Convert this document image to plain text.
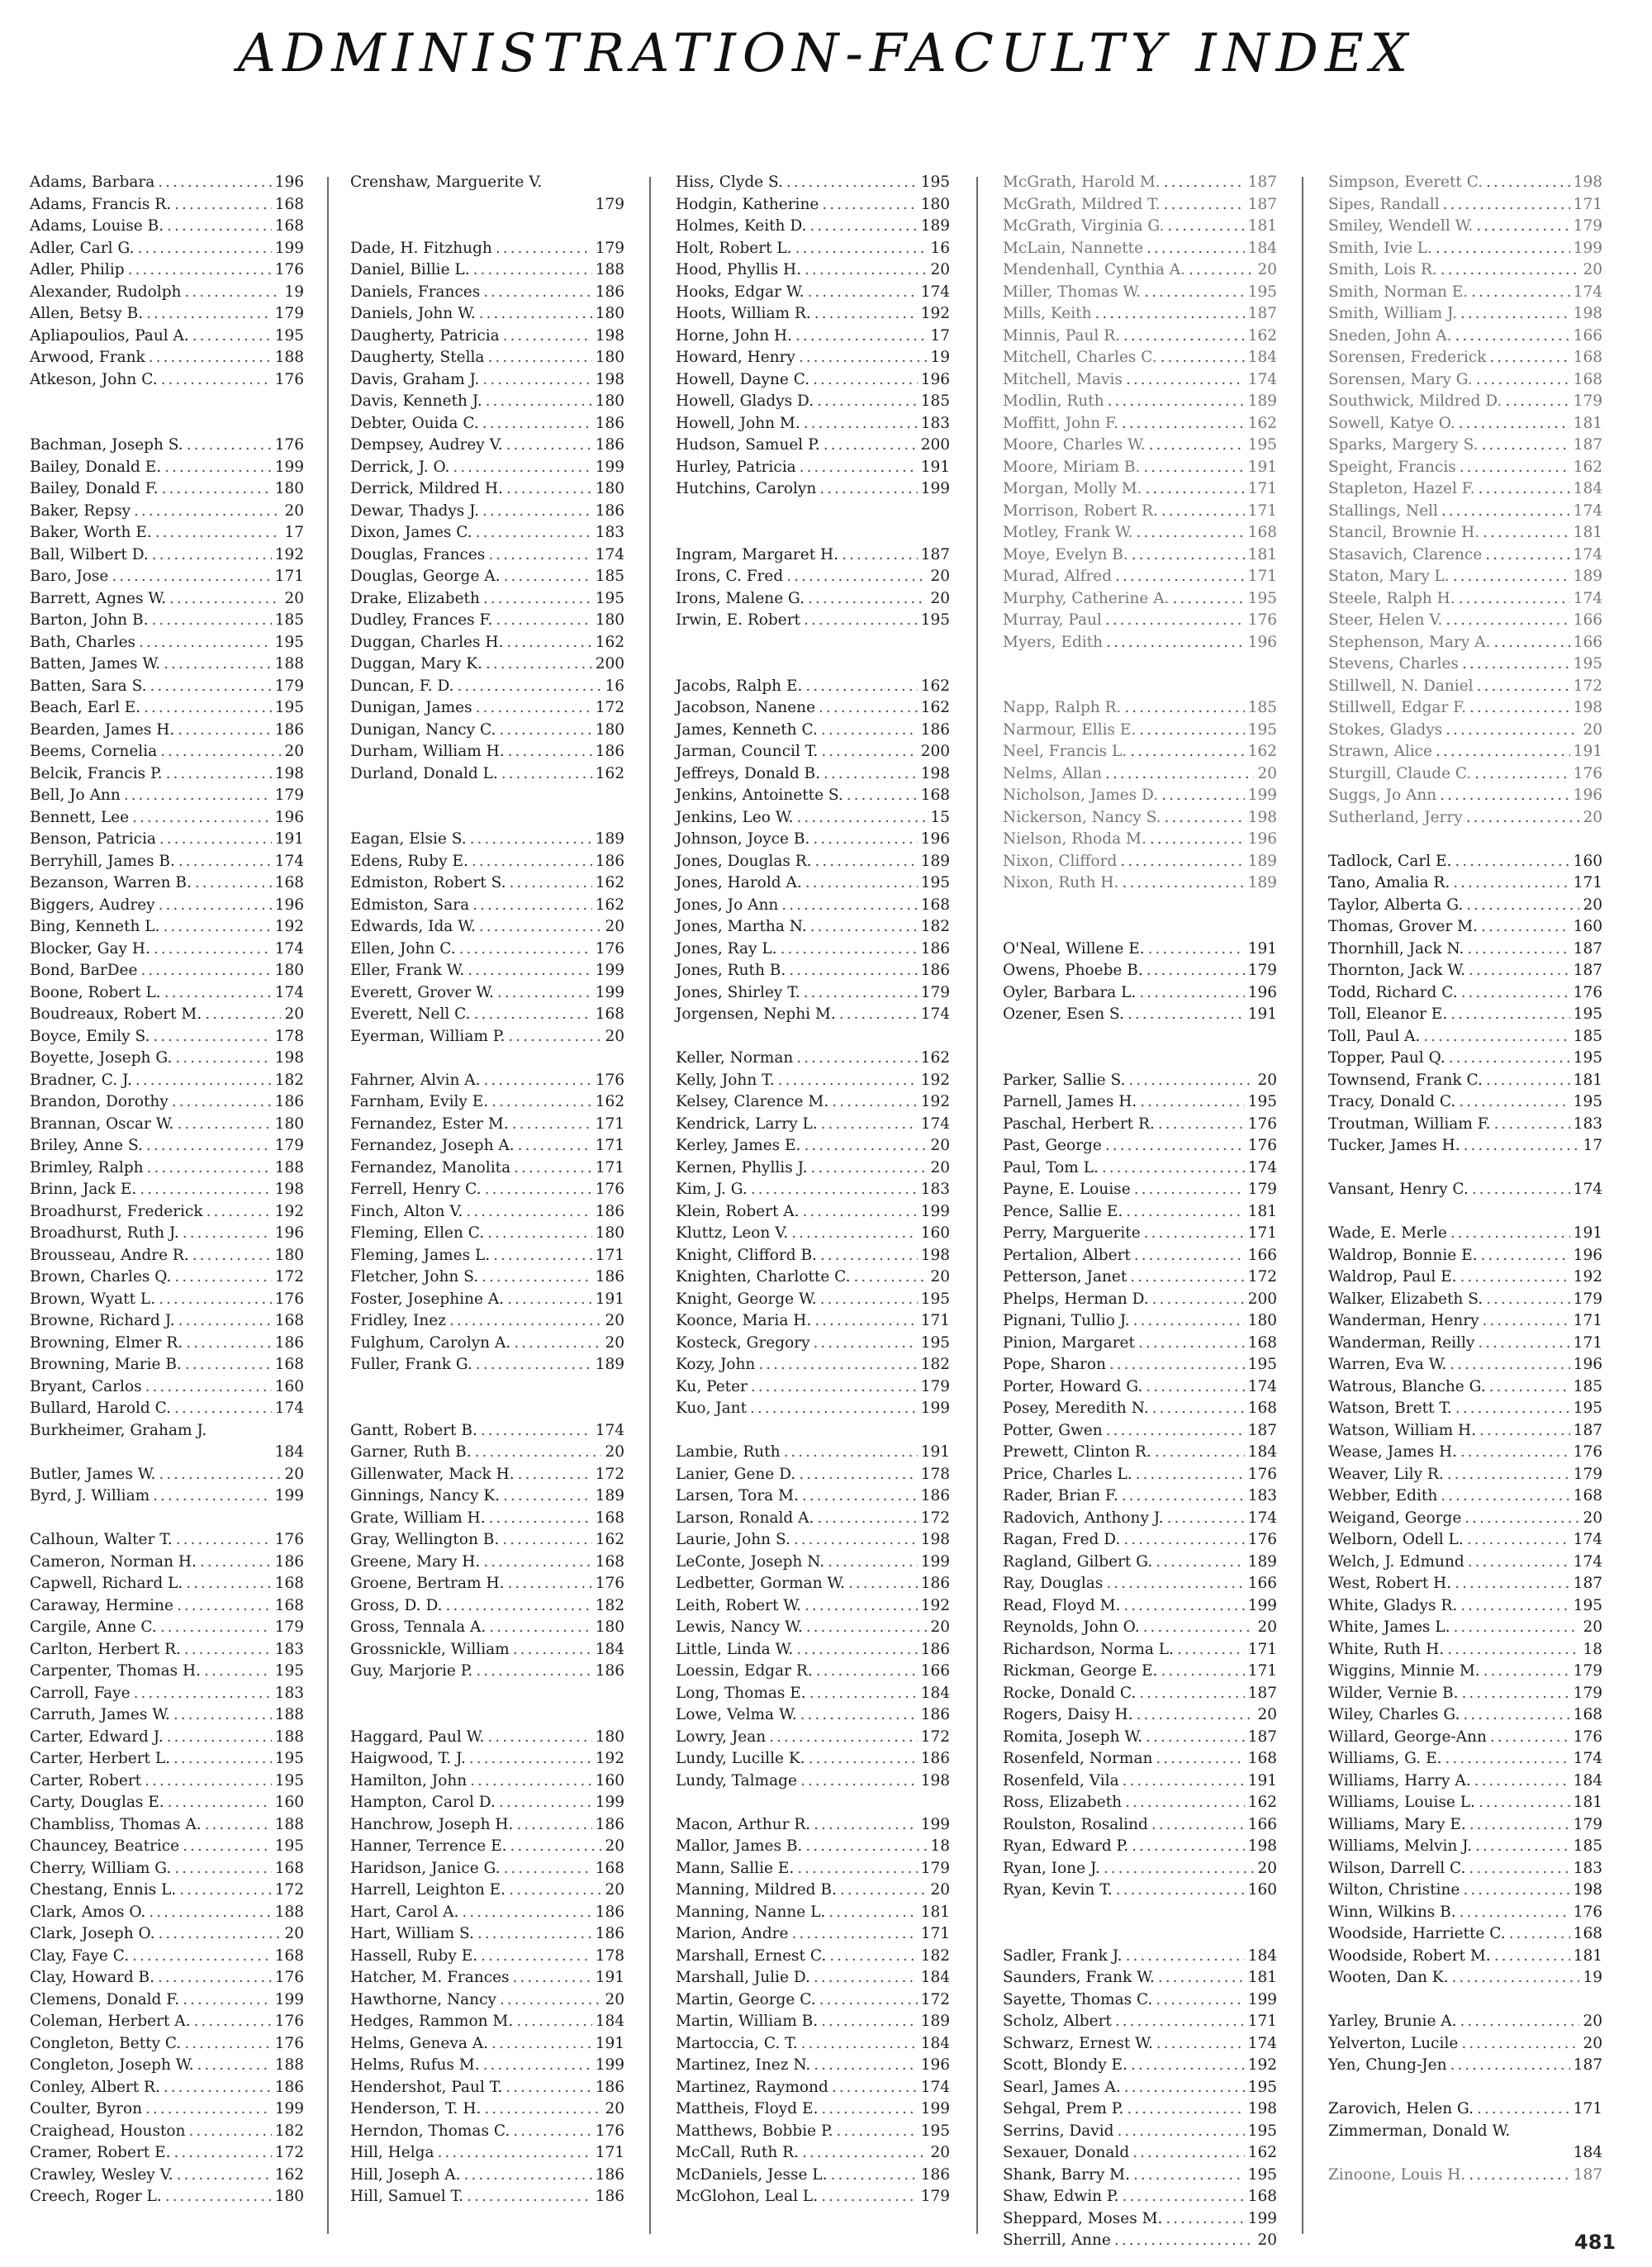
ADMINISTRATION-FACULTY INDEX
Adams, Barbara .....	196
Adams, Francis R. .....	168
Adams, Louise B. .....	168
Adler, Carl G. .....	199
Adler, Philip .....	176
Alexander, Rudolph .....	19
Allen, Betsy B. .....	179
Apliapoulios, Paul A. .....	195
Arwood, Frank .....	188
Atkeson, John C. .....	176
Bachman, Joseph S. .....	176
Bailey, Donald E. .....	199
Bailey, Donald F. .....	180
Baker, Repsy .....	20
Baker, Worth E. .....	17
Ball, Wilbert D. .....	192
Baro, Jose .....	171
Barrett, Agnes W. .....	20
Barton, John B. .....	185
Bath, Charles .....	195
Batten, James W. .....	188
Batten, Sara S. .....	179
Beach, Earl E. .....	195
Bearden, James H. .....	186
Beems, Cornelia .....	20
Belcik, Francis P. .....	198
Bell, Jo Ann .....	179
Bennett, Lee .....	196
Benson, Patricia .....	191
Berryhill, James B. .....	174
Bezanson, Warren B. .....	168
Biggers, Audrey .....	196
Bing, Kenneth L. .....	192
Blocker, Gay H. .....	174
Bond, BarDee .....	180
Boone, Robert L. .....	174
Boudreaux, Robert M. .....	20
Boyce, Emily S. .....	178
Boyette, Joseph G. .....	198
Bradner, C. J. .....	182
Brandon, Dorothy .....	186
Brannan, Oscar W. .....	180
Briley, Anne S. .....	179
Brimley, Ralph .....	188
Brinn, Jack E. .....	198
Broadhurst, Frederick .....	192
Broadhurst, Ruth J. .....	196
Brousseau, Andre R. .....	180
Brown, Charles Q. .....	172
Brown, Wyatt L. .....	176
Browne, Richard J. .....	168
Browning, Elmer R. .....	186
Browning, Marie B. .....	168
Bryant, Carlos .....	160
Bullard, Harold C. .....	174
Burkheimer, Graham J.
184
Butler, James W. .....	20
Byrd, J. William .....	199
Calhoun, Walter T. .....	176
Cameron, Norman H. .....	186
Capwell, Richard L. .....	168
Caraway, Hermine .....	168
Cargile, Anne C. .....	179
Carlton, Herbert R. .....	183
Carpenter, Thomas H. .....	195
Carroll, Faye .....	183
Carruth, James W. .....	188
Carter, Edward J. .....	188
Carter, Herbert L. .....	195
Carter, Robert .....	195
Carty, Douglas E. .....	160
Chambliss, Thomas A. .....	188
Chauncey, Beatrice .....	195
Cherry, William G. .....	168
Chestang, Ennis L. .....	172
Clark, Amos O. .....	188
Clark, Joseph O. .....	20
Clay, Faye C. .....	168
Clay, Howard B. .....	176
Clemens, Donald F. .....	199
Coleman, Herbert A. .....	176
Congleton, Betty C. .....	176
Congleton, Joseph W. .....	188
Conley, Albert R. .....	186
Coulter, Byron .....	199
Craighead, Houston .....	182
Cramer, Robert E. .....	172
Crawley, Wesley V. .....	162
Creech, Roger L. .....	180
Crenshaw, Marguerite V.
179
Dade, H. Fitzhugh .....	179
Daniel, Billie L. .....	188
Daniels, Frances .....	186
Daniels, John W. .....	180
Daugherty, Patricia .....	198
Daugherty, Stella .....	180
Davis, Graham J. .....	198
Davis, Kenneth J. .....	180
Debter, Ouida C. .....	186
Dempsey, Audrey V. .....	186
Derrick, J. O. .....	199
Derrick, Mildred H. .....	180
Dewar, Thadys J. .....	186
Dixon, James C. .....	183
Douglas, Frances .....	174
Douglas, George A. .....	185
Drake, Elizabeth .....	195
Dudley, Frances F. .....	180
Duggan, Charles H. .....	162
Duggan, Mary K. .....	200
Duncan, F. D. .....	16
Dunigan, James .....	172
Dunigan, Nancy C. .....	180
Durham, William H. .....	186
Durland, Donald L. .....	162
Eagan, Elsie S. .....	189
Edens, Ruby E. .....	186
Edmiston, Robert S. .....	162
Edmiston, Sara .....	162
Edwards, Ida W. .....	20
Ellen, John C. .....	176
Eller, Frank W. .....	199
Everett, Grover W. .....	199
Everett, Nell C. .....	168
Eyerman, William P. .....	20
Fahrner, Alvin A. .....	176
Farnham, Evily E. .....	162
Fernandez, Ester M. .....	171
Fernandez, Joseph A. .....	171
Fernandez, Manolita .....	171
Ferrell, Henry C. .....	176
Finch, Alton V. .....	186
Fleming, Ellen C. .....	180
Fleming, James L. .....	171
Fletcher, John S. .....	186
Foster, Josephine A. .....	191
Fridley, Inez .....	20
Fulghum, Carolyn A. .....	20
Fuller, Frank G. .....	189
Gantt, Robert B. .....	174
Garner, Ruth B. .....	20
Gillenwater, Mack H. .....	172
Ginnings, Nancy K. .....	189
Grate, William H. .....	168
Gray, Wellington B. .....	162
Greene, Mary H. .....	168
Groene, Bertram H. .....	176
Gross, D. D. .....	182
Gross, Tennala A. .....	180
Grossnickle, William .....	184
Guy, Marjorie P. .....	186
Haggard, Paul W. .....	180
Haigwood, T. J. .....	192
Hamilton, John .....	160
Hampton, Carol D. .....	199
Hanchrow, Joseph H. .....	186
Hanner, Terrence E. .....	20
Haridson, Janice G. .....	168
Harrell, Leighton E. .....	20
Hart, Carol A. .....	186
Hart, William S. .....	186
Hassell, Ruby E. .....	178
Hatcher, M. Frances .....	191
Hawthorne, Nancy .....	20
Hedges, Rammon M. .....	184
Helms, Geneva A. .....	191
Helms, Rufus M. .....	199
Hendershot, Paul T. .....	186
Henderson, T. H. .....	20
Herndon, Thomas C. .....	176
Hill, Helga .....	171
Hill, Joseph A. .....	186
Hill, Samuel T. .....	186
Hiss, Clyde S. .....	195
Hodgin, Katherine .....	180
Holmes, Keith D. .....	189
Holt, Robert L. .....	16
Hood, Phyllis H. .....	20
Hooks, Edgar W. .....	174
Hoots, William R. .....	192
Horne, John H. .....	17
Howard, Henry .....	19
Howell, Dayne C. .....	196
Howell, Gladys D. .....	185
Howell, John M. .....	183
Hudson, Samuel P. .....	200
Hurley, Patricia .....	191
Hutchins, Carolyn .....	199
Ingram, Margaret H. .....	187
Irons, C. Fred .....	20
Irons, Malene G. .....	20
Irwin, E. Robert .....	195
Jacobs, Ralph E. .....	162
Jacobson, Nanene .....	162
James, Kenneth C. .....	186
Jarman, Council T. .....	200
Jeffreys, Donald B. .....	198
Jenkins, Antoinette S. .....	168
Jenkins, Leo W. .....	15
Johnson, Joyce B. .....	196
Jones, Douglas R. .....	189
Jones, Harold A. .....	195
Jones, Jo Ann .....	168
Jones, Martha N. .....	182
Jones, Ray L. .....	186
Jones, Ruth B. .....	186
Jones, Shirley T. .....	179
Jorgensen, Nephi M. .....	174
Keller, Norman .....	162
Kelly, John T. .....	192
Kelsey, Clarence M. .....	192
Kendrick, Larry L. .....	174
Kerley, James E. .....	20
Kernen, Phyllis J. .....	20
Kim, J. G. .....	183
Klein, Robert A. .....	199
Kluttz, Leon V. .....	160
Knight, Clifford B. .....	198
Knighten, Charlotte C. .....	20
Knight, George W. .....	195
Koonce, Maria H. .....	171
Kosteck, Gregory .....	195
Kozy, John .....	182
Ku, Peter .....	179
Kuo, Jant .....	199
Lambie, Ruth .....	191
Lanier, Gene D. .....	178
Larsen, Tora M. .....	186
Larson, Ronald A. .....	172
Laurie, John S. .....	198
LeConte, Joseph N. .....	199
Ledbetter, Gorman W. .....	186
Leith, Robert W. .....	192
Lewis, Nancy W. .....	20
Little, Linda W. .....	186
Loessin, Edgar R. .....	166
Long, Thomas E. .....	184
Lowe, Velma W. .....	186
Lowry, Jean .....	172
Lundy, Lucille K. .....	186
Lundy, Talmage .....	198
Macon, Arthur R. .....	199
Mallor, James B. .....	18
Mann, Sallie E. .....	179
Manning, Mildred B. .....	20
Manning, Nanne L. .....	181
Marion, Andre .....	171
Marshall, Ernest C. .....	182
Marshall, Julie D. .....	184
Martin, George C. .....	172
Martin, William B. .....	189
Martoccia, C. T. .....	184
Martinez, Inez N. .....	196
Martinez, Raymond .....	174
Mattheis, Floyd E. .....	199
Matthews, Bobbie P. .....	195
McCall, Ruth R. .....	20
McDaniels, Jesse L. .....	186
McGlohon, Leal L. .....	179
McGrath, Harold M. .....	187
McGrath, Mildred T. .....	187
McGrath, Virginia G. .....	181
McLain, Nannette .....	184
Mendenhall, Cynthia A. .....	20
Miller, Thomas W. .....	195
Mills, Keith .....	187
Minnis, Paul R. .....	162
Mitchell, Charles C. .....	184
Mitchell, Mavis .....	174
Modlin, Ruth .....	189
Moffitt, John F. .....	162
Moore, Charles W. .....	195
Moore, Miriam B. .....	191
Morgan, Molly M. .....	171
Morrison, Robert R. .....	171
Motley, Frank W. .....	168
Moye, Evelyn B. .....	181
Murad, Alfred .....	171
Murphy, Catherine A. .....	195
Murray, Paul .....	176
Myers, Edith .....	196
Napp, Ralph R. .....	185
Narmour, Ellis E. .....	195
Neel, Francis L. .....	162
Nelms, Allan .....	20
Nicholson, James D. .....	199
Nickerson, Nancy S. .....	198
Nielson, Rhoda M. .....	196
Nixon, Clifford .....	189
Nixon, Ruth H. .....	189
O'Neal, Willene E. .....	191
Owens, Phoebe B. .....	179
Oyler, Barbara L. .....	196
Ozener, Esen S. .....	191
Parker, Sallie S. .....	20
Parnell, James H. .....	195
Paschal, Herbert R. .....	176
Past, George .....	176
Paul, Tom L. .....	174
Payne, E. Louise .....	179
Pence, Sallie E. .....	181
Perry, Marguerite .....	171
Pertalion, Albert .....	166
Petterson, Janet .....	172
Phelps, Herman D. .....	200
Pignani, Tullio J. .....	180
Pinion, Margaret .....	168
Pope, Sharon .....	195
Porter, Howard G. .....	174
Posey, Meredith N. .....	168
Potter, Gwen .....	187
Prewett, Clinton R. .....	184
Price, Charles L. .....	176
Rader, Brian F. .....	183
Radovich, Anthony J. .....	174
Ragan, Fred D. .....	176
Ragland, Gilbert G. .....	189
Ray, Douglas .....	166
Read, Floyd M. .....	199
Reynolds, John O. .....	20
Richardson, Norma L. .....	171
Rickman, George E. .....	171
Rocke, Donald C. .....	187
Rogers, Daisy H. .....	20
Romita, Joseph W. .....	187
Rosenfeld, Norman .....	168
Rosenfeld, Vila .....	191
Ross, Elizabeth .....	162
Roulston, Rosalind .....	166
Ryan, Edward P. .....	198
Ryan, Ione J. .....	20
Ryan, Kevin T. .....	160
Sadler, Frank J. .....	184
Saunders, Frank W. .....	181
Sayette, Thomas C. .....	199
Scholz, Albert .....	171
Schwarz, Ernest W. .....	174
Scott, Blondy E. .....	192
Searl, James A. .....	195
Sehgal, Prem P. .....	198
Serrins, David .....	195
Sexauer, Donald .....	162
Shank, Barry M. .....	195
Shaw, Edwin P. .....	168
Sheppard, Moses M. .....	199
Sherrill, Anne .....	20
Simpson, Everett C. .....	198
Sipes, Randall .....	171
Smiley, Wendell W. .....	179
Smith, Ivie L. .....	199
Smith, Lois R. .....	20
Smith, Norman E. .....	174
Smith, William J. .....	198
Sneden, John A. .....	166
Sorensen, Frederick .....	168
Sorensen, Mary G. .....	168
Southwick, Mildred D. .....	179
Sowell, Katye O. .....	181
Sparks, Margery S. .....	187
Speight, Francis .....	162
Stapleton, Hazel F. .....	184
Stallings, Nell .....	174
Stancil, Brownie H. .....	181
Stasavich, Clarence .....	174
Staton, Mary L. .....	189
Steele, Ralph H. .....	174
Steer, Helen V. .....	166
Stephenson, Mary A. .....	166
Stevens, Charles .....	195
Stillwell, N. Daniel .....	172
Stillwell, Edgar F. .....	198
Stokes, Gladys .....	20
Strawn, Alice .....	191
Sturgill, Claude C. .....	176
Suggs, Jo Ann .....	196
Sutherland, Jerry .....	20
Tadlock, Carl E. .....	160
Tano, Amalia R. .....	171
Taylor, Alberta G. .....	20
Thomas, Grover M. .....	160
Thornhill, Jack N. .....	187
Thornton, Jack W. .....	187
Todd, Richard C. .....	176
Toll, Eleanor E. .....	195
Toll, Paul A. .....	185
Topper, Paul Q. .....	195
Townsend, Frank C. .....	181
Tracy, Donald C. .....	195
Troutman, William F. .....	183
Tucker, James H. .....	17
Vansant, Henry C. .....	174
Wade, E. Merle .....	191
Waldrop, Bonnie E. .....	196
Waldrop, Paul E. .....	192
Walker, Elizabeth S. .....	179
Wanderman, Henry .....	171
Wanderman, Reilly .....	171
Warren, Eva W. .....	196
Watrous, Blanche G. .....	185
Watson, Brett T. .....	195
Watson, William H. .....	187
Wease, James H. .....	176
Weaver, Lily R. .....	179
Webber, Edith .....	168
Weigand, George .....	20
Welborn, Odell L. .....	174
Welch, J. Edmund .....	174
West, Robert H. .....	187
White, Gladys R. .....	195
White, James L. .....	20
White, Ruth H. .....	18
Wiggins, Minnie M. .....	179
Wilder, Vernie B. .....	179
Wiley, Charles G. .....	168
Willard, George-Ann .....	176
Williams, G. E. .....	174
Williams, Harry A. .....	184
Williams, Louise L. .....	181
Williams, Mary E. .....	179
Williams, Melvin J. .....	185
Wilson, Darrell C. .....	183
Wilton, Christine .....	198
Winn, Wilkins B. .....	176
Woodside, Harriette C. .....	168
Woodside, Robert M. .....	181
Wooten, Dan K. .....	19
Yarley, Brunie A. .....	20
Yelverton, Lucile .....	20
Yen, Chung-Jen .....	187
Zarovich, Helen G. .....	171
Zimmerman, Donald W.
184
Zinoone, Louis H. .....	187
481
